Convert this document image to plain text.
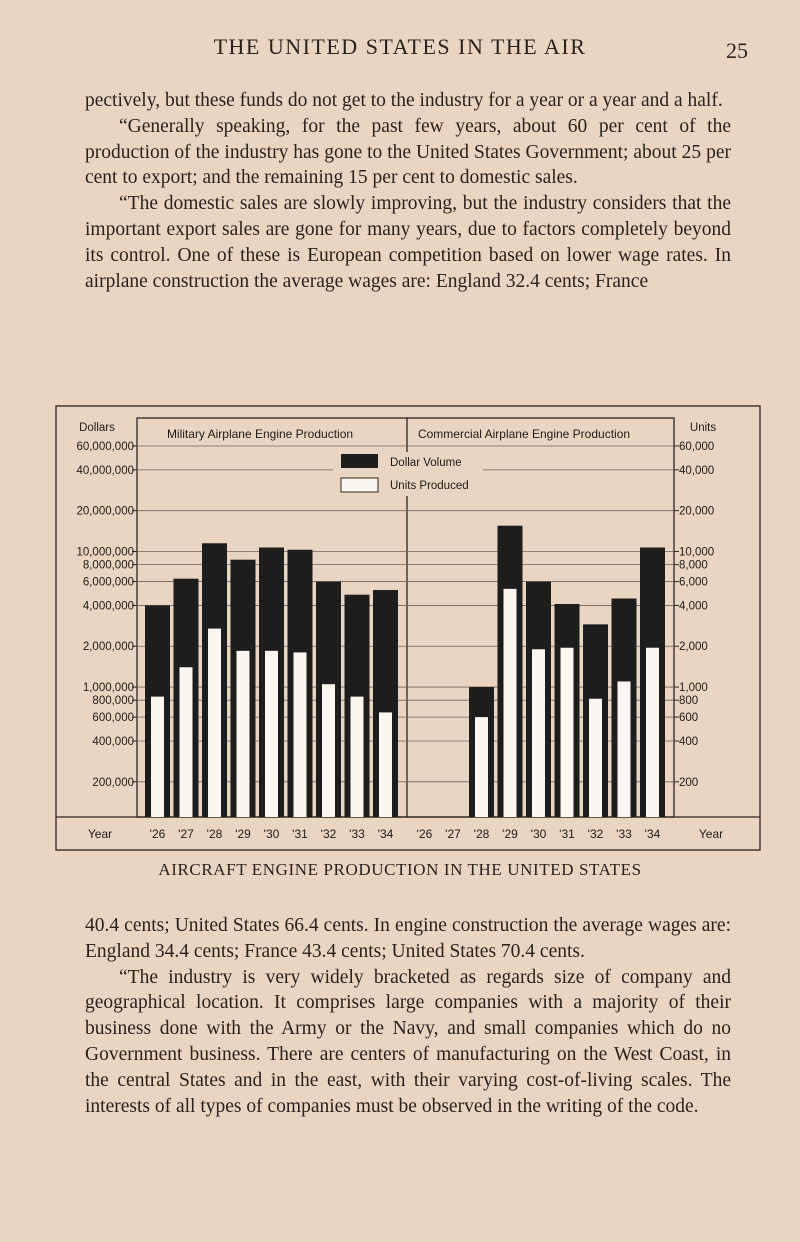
THE UNITED STATES IN THE AIR	25

pectively, but these funds do not get to the industry for a year or a year and a half.

“Generally speaking, for the past few years, about 60 per cent of the production of the industry has gone to the United States Government; about 25 per cent to export; and the remaining 15 per cent to domestic sales.

“The domestic sales are slowly improving, but the industry considers that the important export sales are gone for many years, due to factors completely beyond its control. One of these is European competition based on lower wage rates. In airplane construction the average wages are: England 32.4 cents; France

60,000,000
40,000,000
20,000,000
10,000,000
8,000,000
6,000,000
4,000,000
2,000,000
1,000,000
800,000
600,000
400,000
200,000
60,000
40,000
20,000
10,000
8,000
6,000
4,000
2,000
1,000
800
600
400
200
Dollars	Units
Year	Year
Military Airplane Engine Production
'26 '27 '28 '29 '30 '31 '32 '33 '34
Commercial Airplane Engine Production
'26 '27 '28 '29 '30 '31 '32 '33 '34
Dollar Volume
Units Produced
AIRCRAFT ENGINE PRODUCTION IN THE UNITED STATES

40.4 cents; United States 66.4 cents. In engine construction the average wages are: England 34.4 cents; France 43.4 cents; United States 70.4 cents.

“The industry is very widely bracketed as regards size of company and geographical location. It comprises large companies with a majority of their business done with the Army or the Navy, and small companies which do no Government business. There are centers of manufacturing on the West Coast, in the central States and in the east, with their varying cost-of-living scales. The interests of all types of companies must be observed in the writing of the code.
